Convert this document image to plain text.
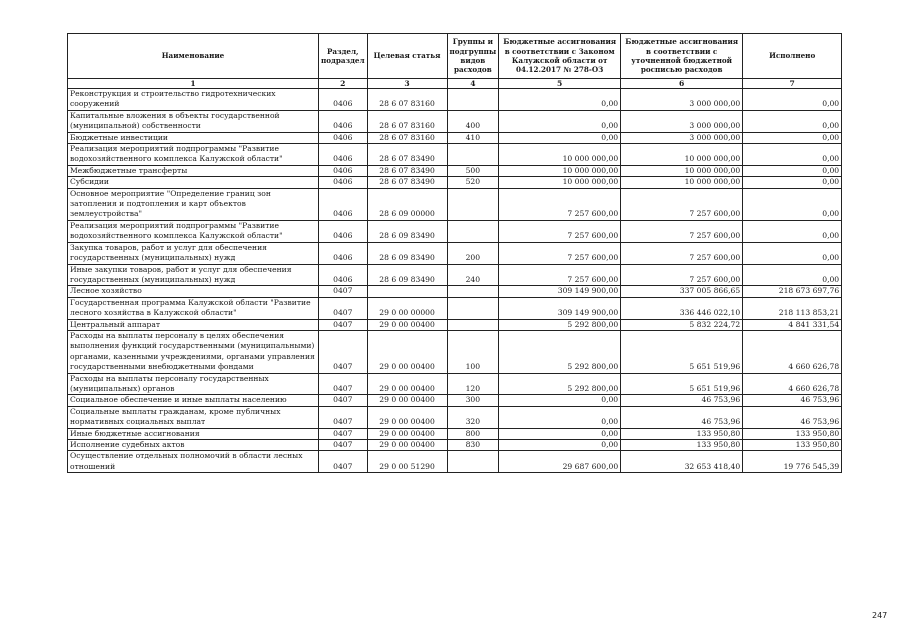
Наименование	Раздел, подраздел	Целевая статья	Группы и подгруппы видов расходов	Бюджетные ассигнования в соответствии с Законом Калужской области от 04.12.2017 № 278-ОЗ	Бюджетные ассигнования в соответствии с уточненной бюджетной росписью расходов	Исполнено
1	2	3	4	5	6	7
Реконструкция и строительство гидротехнических сооружений	0406	28 6 07 83160		0,00	3 000 000,00	0,00
Капитальные вложения в объекты государственной (муниципальной) собственности	0406	28 6 07 83160	400	0,00	3 000 000,00	0,00
Бюджетные инвестиции	0406	28 6 07 83160	410	0,00	3 000 000,00	0,00
Реализация мероприятий подпрограммы "Развитие водохозяйственного комплекса Калужской области"	0406	28 6 07 83490		10 000 000,00	10 000 000,00	0,00
Межбюджетные трансферты	0406	28 6 07 83490	500	10 000 000,00	10 000 000,00	0,00
Субсидии	0406	28 6 07 83490	520	10 000 000,00	10 000 000,00	0,00
Основное мероприятие "Определение границ зон затопления и подтопления и карт объектов землеустройства"	0406	28 6 09 00000		7 257 600,00	7 257 600,00	0,00
Реализация мероприятий подпрограммы "Развитие водохозяйственного комплекса Калужской области"	0406	28 6 09 83490		7 257 600,00	7 257 600,00	0,00
Закупка товаров, работ и услуг для обеспечения государственных (муниципальных) нужд	0406	28 6 09 83490	200	7 257 600,00	7 257 600,00	0,00
Иные закупки товаров, работ и услуг для обеспечения государственных (муниципальных) нужд	0406	28 6 09 83490	240	7 257 600,00	7 257 600,00	0,00
Лесное хозяйство	0407			309 149 900,00	337 005 866,65	218 673 697,76
Государственная программа Калужской области "Развитие лесного хозяйства в Калужской области"	0407	29 0 00 00000		309 149 900,00	336 446 022,10	218 113 853,21
Центральный аппарат	0407	29 0 00 00400		5 292 800,00	5 832 224,72	4 841 331,54
Расходы на выплаты персоналу в целях обеспечения выполнения функций государственными (муниципальными) органами, казенными учреждениями, органами управления государственными внебюджетными фондами	0407	29 0 00 00400	100	5 292 800,00	5 651 519,96	4 660 626,78
Расходы на выплаты персоналу государственных (муниципальных) органов	0407	29 0 00 00400	120	5 292 800,00	5 651 519,96	4 660 626,78
Социальное обеспечение и иные выплаты населению	0407	29 0 00 00400	300	0,00	46 753,96	46 753,96
Социальные выплаты гражданам, кроме публичных нормативных социальных выплат	0407	29 0 00 00400	320	0,00	46 753,96	46 753,96
Иные бюджетные ассигнования	0407	29 0 00 00400	800	0,00	133 950,80	133 950,80
Исполнение судебных актов	0407	29 0 00 00400	830	0,00	133 950,80	133 950,80
Осуществление отдельных полномочий в области лесных отношений	0407	29 0 00 51290		29 687 600,00	32 653 418,40	19 776 545,39
247
